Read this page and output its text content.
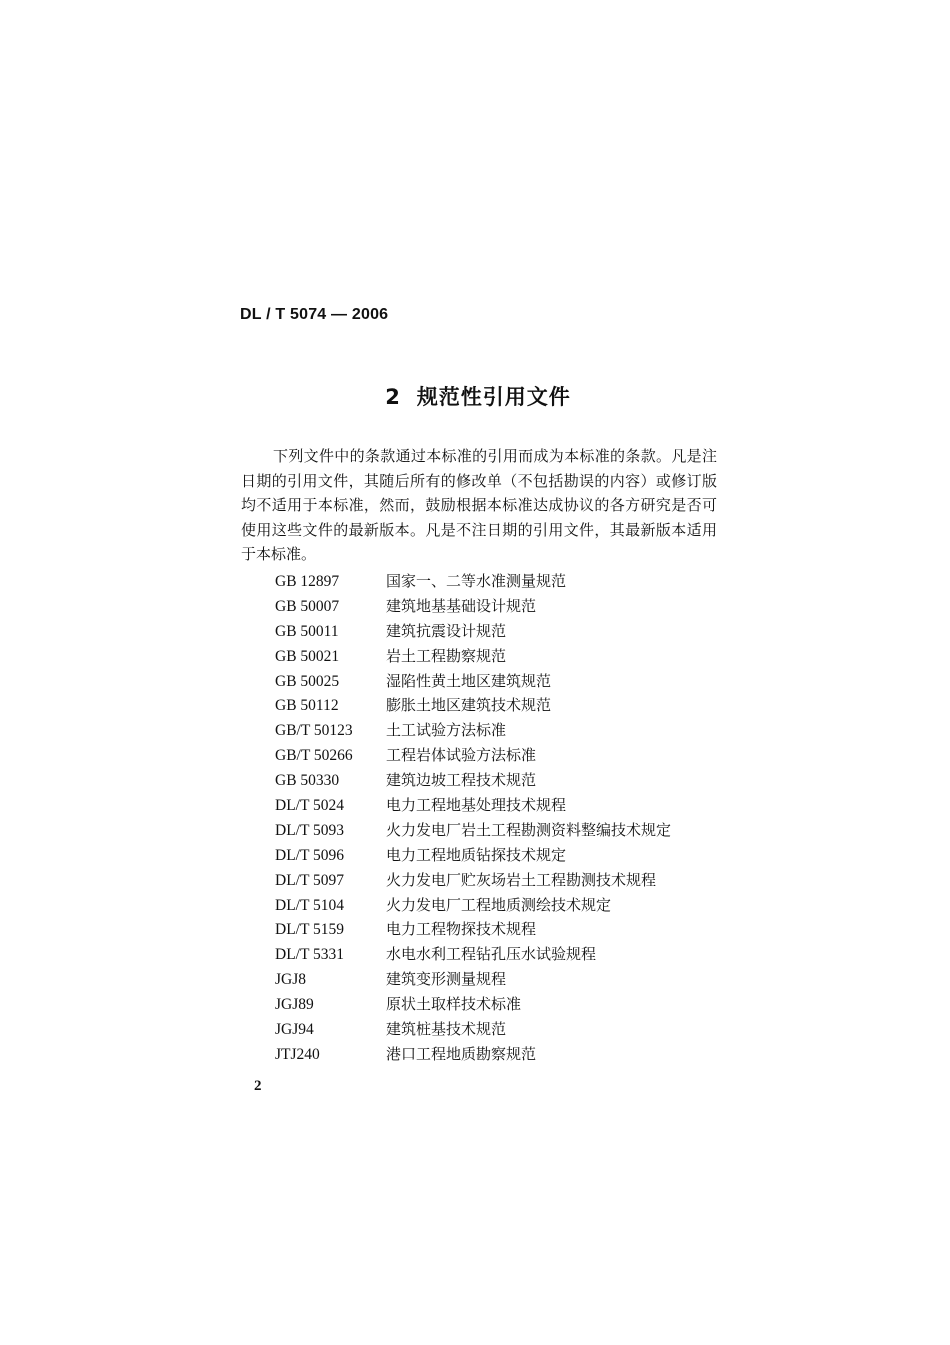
DL / T 5074 — 2006
2 规范性引用文件

下列文件中的条款通过本标准的引用而成为本标准的条款。凡是注日期的引用文件，其随后所有的修改单（不包括勘误的内容）或修订版均不适用于本标准，然而，鼓励根据本标准达成协议的各方研究是否可使用这些文件的最新版本。凡是不注日期的引用文件，其最新版本适用于本标准。

GB 12897	国家一、二等水准测量规范
GB 50007	建筑地基基础设计规范
GB 50011	建筑抗震设计规范
GB 50021	岩土工程勘察规范
GB 50025	湿陷性黄土地区建筑规范
GB 50112	膨胀土地区建筑技术规范
GB/T 50123 土工试验方法标准
GB/T 50266 工程岩体试验方法标准
GB 50330	建筑边坡工程技术规范
DL/T 5024	电力工程地基处理技术规程
DL/T 5093	火力发电厂岩土工程勘测资料整编技术规定
DL/T 5096	电力工程地质钻探技术规定
DL/T 5097	火力发电厂贮灰场岩土工程勘测技术规程
DL/T 5104	火力发电厂工程地质测绘技术规定
DL/T 5159	电力工程物探技术规程
DL/T 5331	水电水利工程钻孔压水试验规程
JGJ8	建筑变形测量规程
JGJ89	原状土取样技术标准
JGJ94	建筑桩基技术规范
JTJ240	港口工程地质勘察规范
2
